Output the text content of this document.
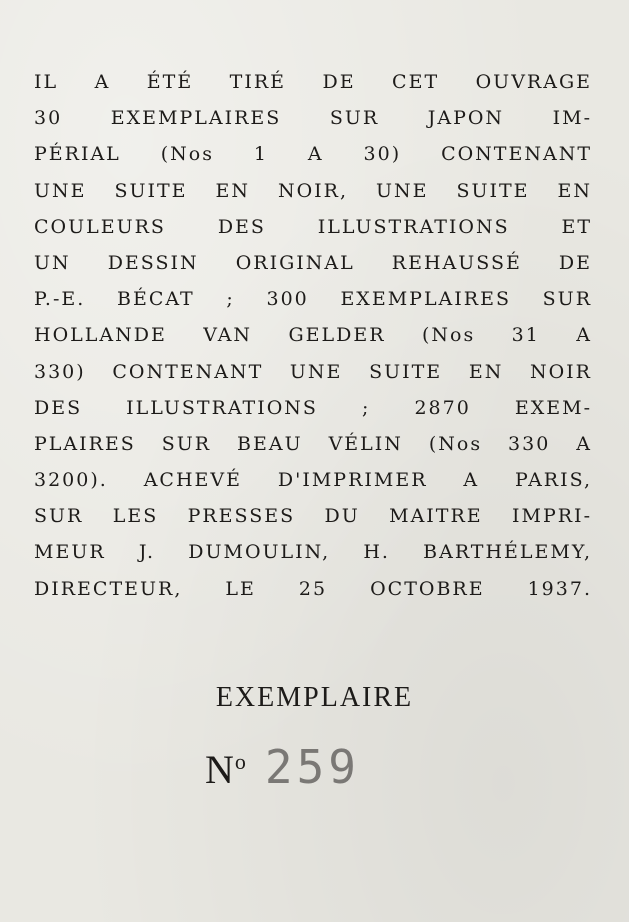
IL A ÉTÉ TIRÉ DE CET OUVRAGE
30 EXEMPLAIRES SUR JAPON IM-
PÉRIAL (Nos 1 A 30) CONTENANT
UNE SUITE EN NOIR, UNE SUITE EN
COULEURS DES ILLUSTRATIONS ET
UN DESSIN ORIGINAL REHAUSSÉ DE
P.-E. BÉCAT ; 300 EXEMPLAIRES SUR
HOLLANDE VAN GELDER (Nos 31 A
330) CONTENANT UNE SUITE EN NOIR
DES ILLUSTRATIONS ; 2870 EXEM-
PLAIRES SUR BEAU VÉLIN (Nos 330 A
3200). ACHEVÉ D'IMPRIMER A PARIS,
SUR LES PRESSES DU MAITRE IMPRI-
MEUR J. DUMOULIN, H. BARTHÉLEMY,
DIRECTEUR, LE 25 OCTOBRE 1937.
EXEMPLAIRE
$N^o$ 259
